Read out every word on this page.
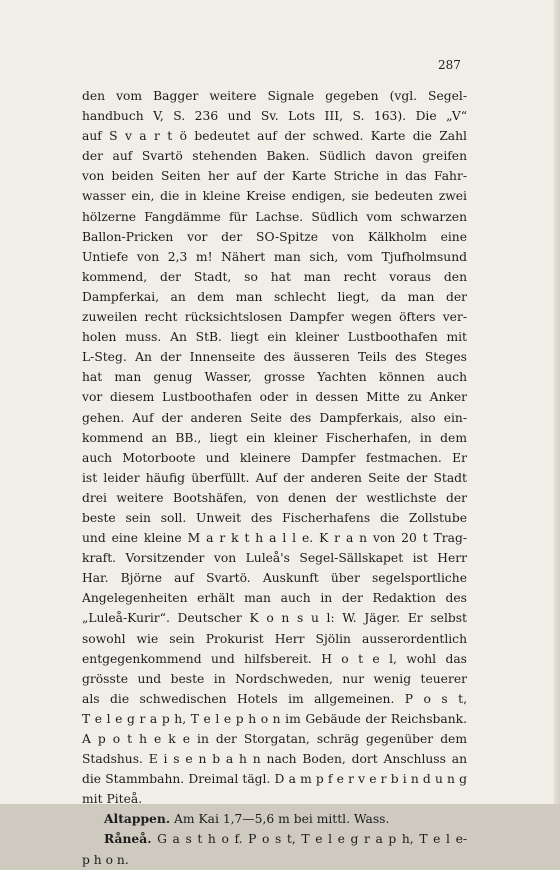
287
den vom Bagger weitere Signale gegeben (vgl. Segel-
handbuch V, S. 236 und Sv. Lots III, S. 163). Die „V“
auf S v a r t ö bedeutet auf der schwed. Karte die Zahl
der auf Svartö stehenden Baken. Südlich davon greifen
von beiden Seiten her auf der Karte Striche in das Fahr-
wasser ein, die in kleine Kreise endigen, sie bedeuten zwei
hölzerne Fangdämme für Lachse. Südlich vom schwarzen
Ballon-Pricken vor der SO-Spitze von Kälkholm eine
Untiefe von 2,3 m! Nähert man sich, vom Tjufholmsund
kommend, der Stadt, so hat man recht voraus den
Dampferkai, an dem man schlecht liegt, da man der
zuweilen recht rücksichtslosen Dampfer wegen öfters ver-
holen muss. An StB. liegt ein kleiner Lustboothafen mit
L-Steg. An der Innenseite des äusseren Teils des Steges
hat man genug Wasser, grosse Yachten können auch
vor diesem Lustboothafen oder in dessen Mitte zu Anker
gehen. Auf der anderen Seite des Dampferkais, also ein-
kommend an BB., liegt ein kleiner Fischerhafen, in dem
auch Motorboote und kleinere Dampfer festmachen. Er
ist leider häufig überfüllt. Auf der anderen Seite der Stadt
drei weitere Bootshäfen, von denen der westlichste der
beste sein soll. Unweit des Fischerhafens die Zollstube
und eine kleine M a r k t h a l l e. K r a n von 20 t Trag-
kraft. Vorsitzender von Luleå's Segel-Sällskapet ist Herr
Har. Björne auf Svartö. Auskunft über segelsportliche
Angelegenheiten erhält man auch in der Redaktion des
„Luleå-Kurir“. Deutscher K o n s u l: W. Jäger. Er selbst
sowohl wie sein Prokurist Herr Sjölin ausserordentlich
entgegenkommend und hilfsbereit. H o t e l, wohl das
grösste und beste in Nordschweden, nur wenig teuerer
als die schwedischen Hotels im allgemeinen. P o s t,
T e l e g r a p h, T e l e p h o n im Gebäude der Reichsbank.
A p o t h e k e in der Storgatan, schräg gegenüber dem
Stadshus. E i s e n b a h n nach Boden, dort Anschluss an
die Stammbahn. Dreimal tägl. D a m p f e r v e r b i n d u n g
mit Piteå.
Altappen. Am Kai 1,7—5,6 m bei mittl. Wass.
Råneå. G a s t h o f. P o s t, T e l e g r a p h, T e l e-
p h o n.
